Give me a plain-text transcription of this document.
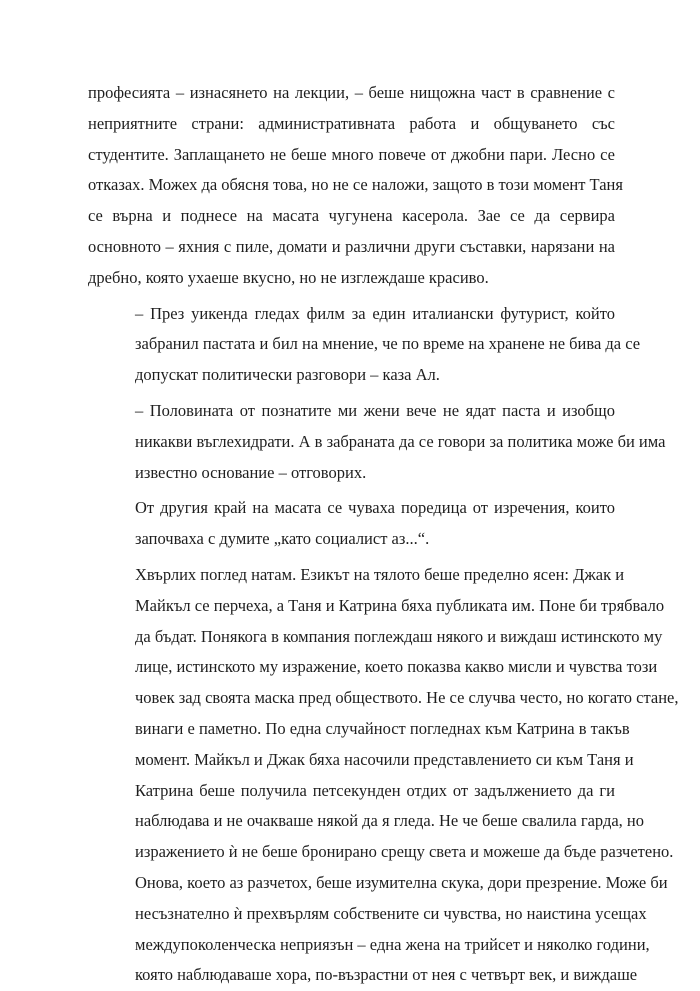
професията – изнасянето на лекции, – беше нищожна част в сравнение с
неприятните страни: административната работа и общуването със
студентите. Заплащането не беше много повече от джобни пари. Лесно се
отказах. Можех да обясня това, но не се наложи, защото в този момент Таня
се върна и поднесе на масата чугунена касерола. Зае се да сервира
основното – яхния с пиле, домати и различни други съставки, нарязани на
дребно, която ухаеше вкусно, но не изглеждаше красиво.

– През уикенда гледах филм за един италиански футурист, който
забранил пастата и бил на мнение, че по време на хранене не бива да се
допускат политически разговори – каза Ал.

– Половината от познатите ми жени вече не ядат паста и изобщо
никакви въглехидрати. А в забраната да се говори за политика може би има
известно основание – отговорих.

От другия край на масата се чуваха поредица от изречения, които
започваха с думите „като социалист аз...“.

Хвърлих поглед натам. Езикът на тялото беше пределно ясен: Джак и
Майкъл се перчеха, а Таня и Катрина бяха публиката им. Поне би трябвало
да бъдат. Понякога в компания поглеждаш някого и виждаш истинското му
лице, истинското му изражение, което показва какво мисли и чувства този
човек зад своята маска пред обществото. Не се случва често, но когато стане,
винаги е паметно. По една случайност погледнах към Катрина в такъв
момент. Майкъл и Джак бяха насочили представлението си към Таня и
Катрина беше получила петсекунден отдих от задължението да ги
наблюдава и не очакваше някой да я гледа. Не че беше свалила гарда, но
изражението ѝ не беше бронирано срещу света и можеше да бъде разчетено.
Онова, което аз разчетох, беше изумителна скука, дори презрение. Може би
несъзнателно ѝ прехвърлям собствените си чувства, но наистина усещах
междупоколенческа неприязън – една жена на трийсет и няколко години,
която наблюдаваше хора, по-възрастни от нея с четвърт век, и виждаше
